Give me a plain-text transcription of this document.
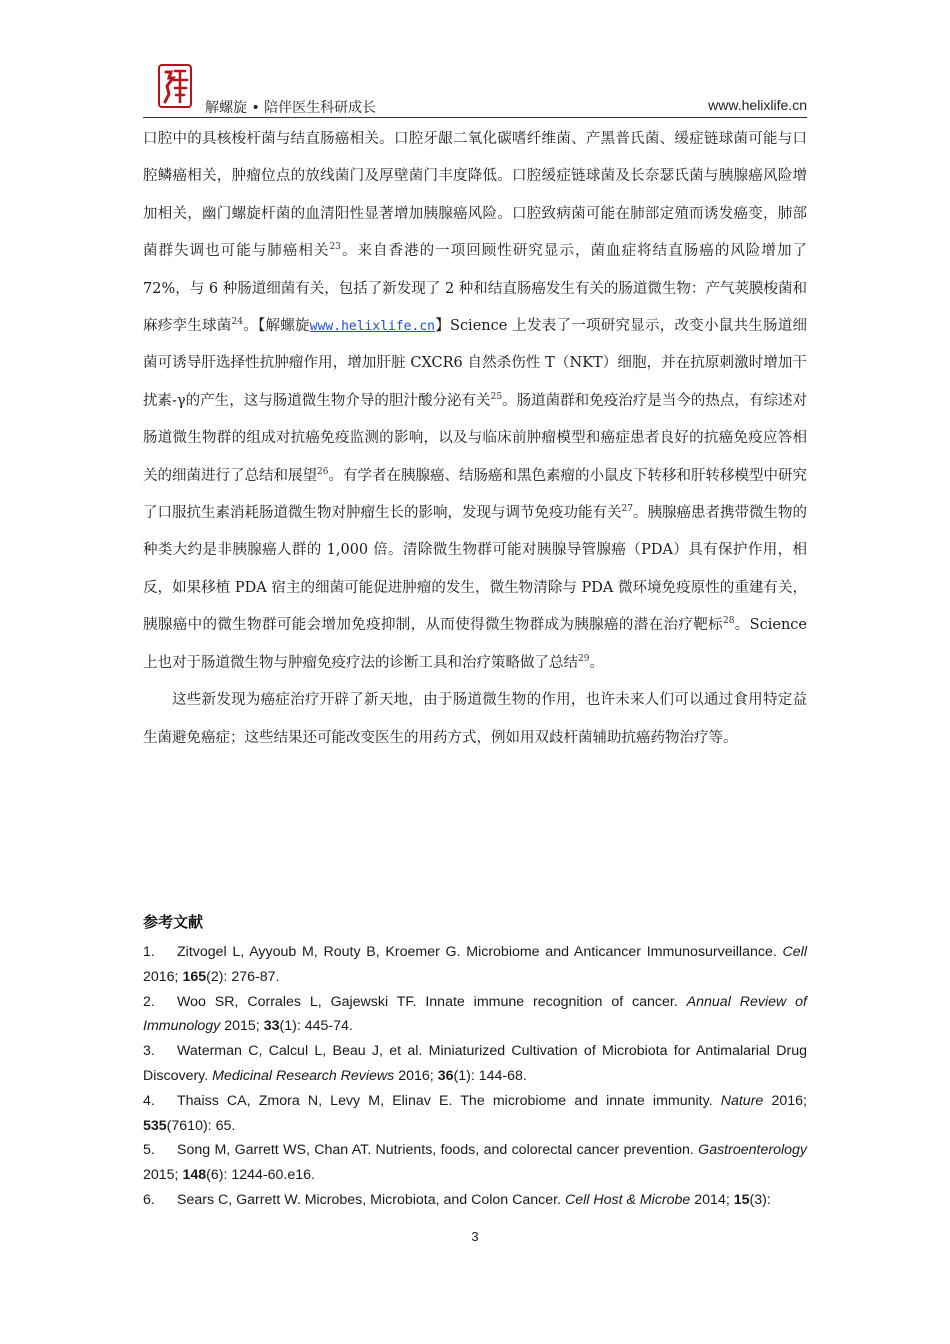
解螺旋 • 陪伴医生科研成长	www.helixlife.cn

口腔中的具核梭杆菌与结直肠癌相关。口腔牙龈二氧化碳嗜纤维菌、产黑普氏菌、缓症链球菌可能与口腔鳞癌相关，肿瘤位点的放线菌门及厚壁菌门丰度降低。口腔缓症链球菌及长奈瑟氏菌与胰腺癌风险增加相关，幽门螺旋杆菌的血清阳性显著增加胰腺癌风险。口腔致病菌可能在肺部定殖而诱发癌变，肺部菌群失调也可能与肺癌相关$^{23}$。来自香港的一项回顾性研究显示，菌血症将结直肠癌的风险增加了 72%，与 6 种肠道细菌有关，包括了新发现了 2 种和结直肠癌发生有关的肠道微生物：产气荚膜梭菌和麻疹孪生球菌$^{24}$。【解螺旋www.helixlife.cn】Science 上发表了一项研究显示，改变小鼠共生肠道细菌可诱导肝选择性抗肿瘤作用，增加肝脏 CXCR6 自然杀伤性 T（NKT）细胞，并在抗原刺激时增加干扰素-γ的产生，这与肠道微生物介导的胆汁酸分泌有关$^{25}$。肠道菌群和免疫治疗是当今的热点，有综述对肠道微生物群的组成对抗癌免疫监测的影响，以及与临床前肿瘤模型和癌症患者良好的抗癌免疫应答相关的细菌进行了总结和展望$^{26}$。有学者在胰腺癌、结肠癌和黑色素瘤的小鼠皮下转移和肝转移模型中研究了口服抗生素消耗肠道微生物对肿瘤生长的影响，发现与调节免疫功能有关$^{27}$。胰腺癌患者携带微生物的种类大约是非胰腺癌人群的 1,000 倍。清除微生物群可能对胰腺导管腺癌（PDA）具有保护作用，相反，如果移植 PDA 宿主的细菌可能促进肿瘤的发生，微生物清除与 PDA 微环境免疫原性的重建有关，胰腺癌中的微生物群可能会增加免疫抑制，从而使得微生物群成为胰腺癌的潜在治疗靶标$^{28}$。Science 上也对于肠道微生物与肿瘤免疫疗法的诊断工具和治疗策略做了总结$^{29}$。

这些新发现为癌症治疗开辟了新天地，由于肠道微生物的作用，也许未来人们可以通过食用特定益生菌避免癌症；这些结果还可能改变医生的用药方式，例如用双歧杆菌辅助抗癌药物治疗等。

参考文献
1. Zitvogel L, Ayyoub M, Routy B, Kroemer G. Microbiome and Anticancer Immunosurveillance. Cell 2016; 165(2): 276-87.
2. Woo SR, Corrales L, Gajewski TF. Innate immune recognition of cancer. Annual Review of Immunology 2015; 33(1): 445-74.
3. Waterman C, Calcul L, Beau J, et al. Miniaturized Cultivation of Microbiota for Antimalarial Drug Discovery. Medicinal Research Reviews 2016; 36(1): 144-68.
4. Thaiss CA, Zmora N, Levy M, Elinav E. The microbiome and innate immunity. Nature 2016; 535(7610): 65.
5. Song M, Garrett WS, Chan AT. Nutrients, foods, and colorectal cancer prevention. Gastroenterology 2015; 148(6): 1244-60.e16.
6. Sears C, Garrett W. Microbes, Microbiota, and Colon Cancer. Cell Host & Microbe 2014; 15(3):
3
